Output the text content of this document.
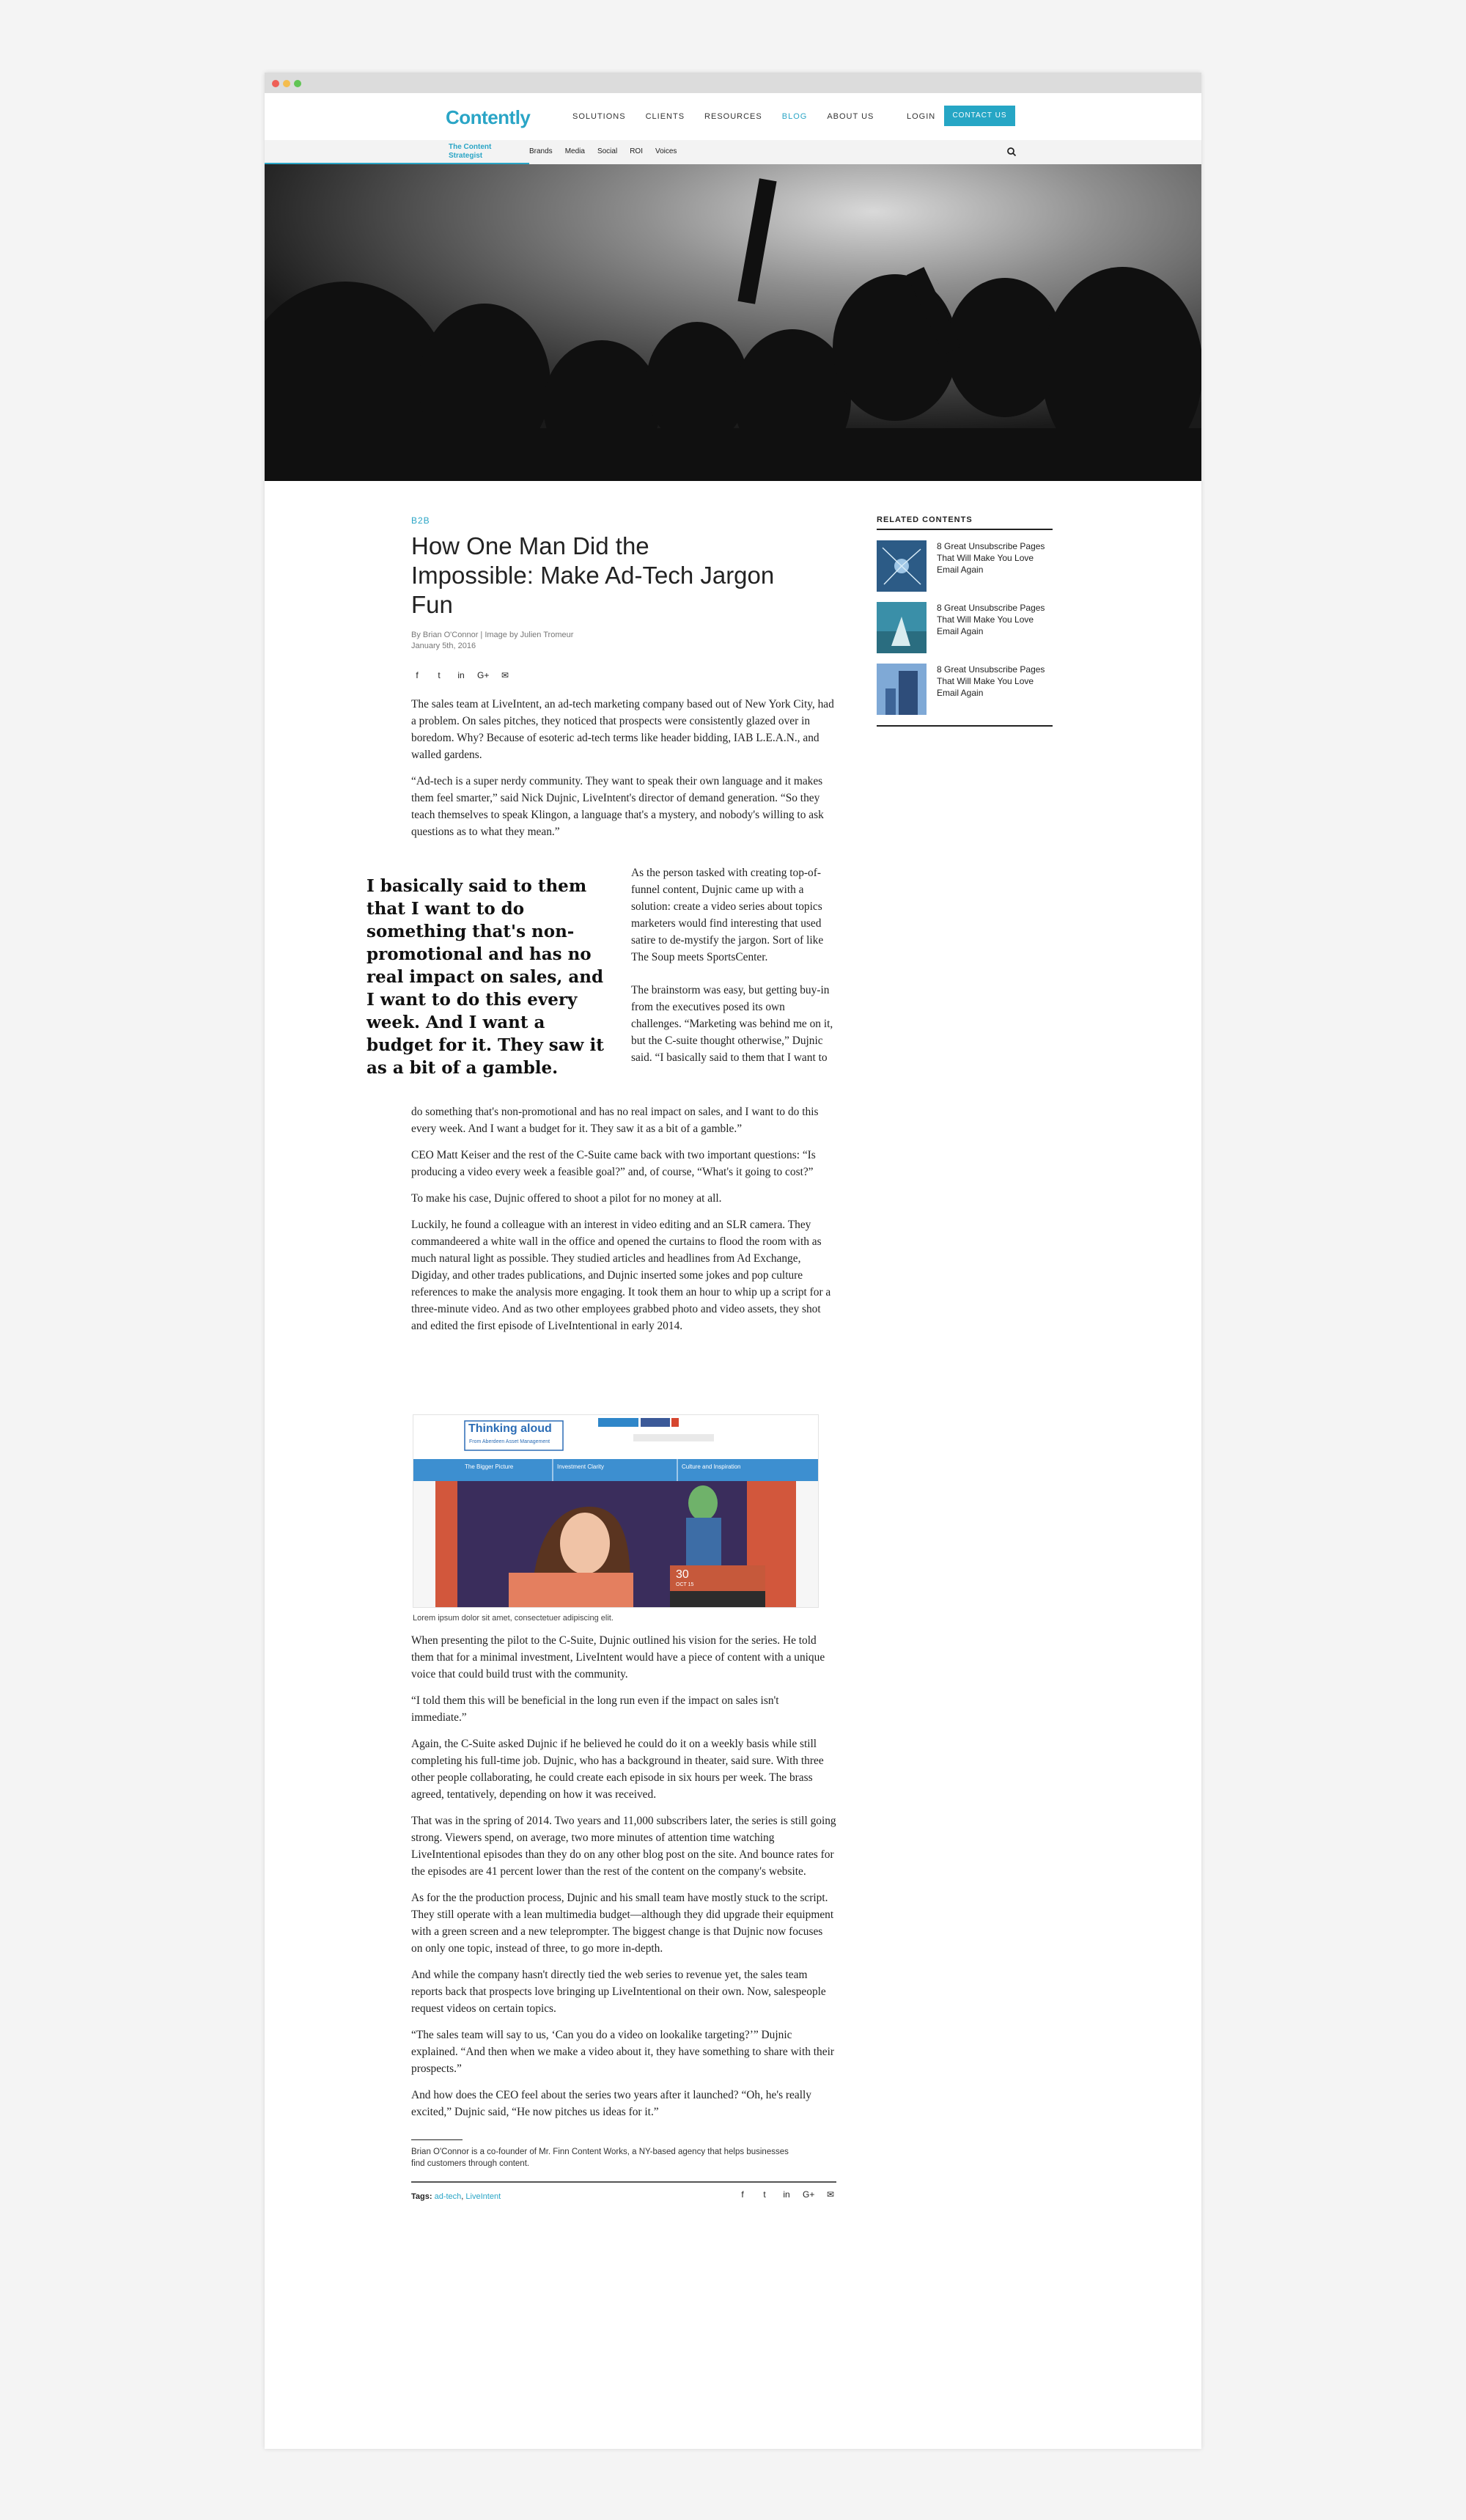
Contently	SOLUTIONS CLIENTS RESOURCES BLOG ABOUT US	LOGIN	CONTACT US
The Content Strategist
Brands Media Social ROI Voices
B2B
How One Man Did the Impossible: Make Ad-Tech Jargon Fun
By Brian O'Connor | Image by Julien Tromeur
January 5th, 2016
f	t	in G+ ✉

The sales team at LiveIntent, an ad-tech marketing company based out of New York City, had a problem. On sales pitches, they noticed that prospects were consistently glazed over in boredom. Why? Because of esoteric ad-tech terms like header bidding, IAB L.E.A.N., and walled gardens.

“Ad-tech is a super nerdy community. They want to speak their own language and it makes them feel smarter,” said Nick Dujnic, LiveIntent's director of demand generation. “So they teach themselves to speak Klingon, a language that's a mystery, and nobody's willing to ask questions as to what they mean.”

I basically said to them that I want to do something that's non-promotional and has no real impact on sales, and I want to do this every week. And I want a budget for it. They saw it as a bit of a gamble.

As the person tasked with creating top-of-funnel content, Dujnic came up with a solution: create a video series about topics marketers would find interesting that used satire to de-mystify the jargon. Sort of like The Soup meets SportsCenter.

The brainstorm was easy, but getting buy-in from the executives posed its own challenges. “Marketing was behind me on it, but the C-suite thought otherwise,” Dujnic said. “I basically said to them that I want to

do something that's non-promotional and has no real impact on sales, and I want to do this every week. And I want a budget for it. They saw it as a bit of a gamble.”

CEO Matt Keiser and the rest of the C-Suite came back with two important questions: “Is producing a video every week a feasible goal?” and, of course, “What's it going to cost?”

To make his case, Dujnic offered to shoot a pilot for no money at all.

Luckily, he found a colleague with an interest in video editing and an SLR camera. They commandeered a white wall in the office and opened the curtains to flood the room with as much natural light as possible. They studied articles and headlines from Ad Exchange, Digiday, and other trades publications, and Dujnic inserted some jokes and pop culture references to make the analysis more engaging. It took them an hour to whip up a script for a three-minute video. And as two other employees grabbed photo and video assets, they shot and edited the first episode of LiveIntentional in early 2014.

Thinking aloud
From Aberdeen Asset Management
The Bigger Picture	Investment Clarity	Culture and Inspiration
30
OCT 15
Lorem ipsum dolor sit amet, consectetuer adipiscing elit.

When presenting the pilot to the C-Suite, Dujnic outlined his vision for the series. He told them that for a minimal investment, LiveIntent would have a piece of content with a unique voice that could build trust with the community.

“I told them this will be beneficial in the long run even if the impact on sales isn't immediate.”

Again, the C-Suite asked Dujnic if he believed he could do it on a weekly basis while still completing his full-time job. Dujnic, who has a background in theater, said sure. With three other people collaborating, he could create each episode in six hours per week. The brass agreed, tentatively, depending on how it was received.

That was in the spring of 2014. Two years and 11,000 subscribers later, the series is still going strong. Viewers spend, on average, two more minutes of attention time watching LiveIntentional episodes than they do on any other blog post on the site. And bounce rates for the episodes are 41 percent lower than the rest of the content on the company's website.

As for the the production process, Dujnic and his small team have mostly stuck to the script. They still operate with a lean multimedia budget—although they did upgrade their equipment with a green screen and a new teleprompter. The biggest change is that Dujnic now focuses on only one topic, instead of three, to go more in-depth.

And while the company hasn't directly tied the web series to revenue yet, the sales team reports back that prospects love bringing up LiveIntentional on their own. Now, salespeople request videos on certain topics.

“The sales team will say to us, ‘Can you do a video on lookalike targeting?’” Dujnic explained. “And then when we make a video about it, they have something to share with their prospects.”

And how does the CEO feel about the series two years after it launched? “Oh, he's really excited,” Dujnic said, “He now pitches us ideas for it.”

Brian O'Connor is a co-founder of Mr. Finn Content Works, a NY-based agency that helps businesses find customers through content.
Tags: ad-tech, LiveIntent	f	t	in G+ ✉
RELATED CONTENTS
8 Great Unsubscribe Pages That Will Make You Love Email Again
8 Great Unsubscribe Pages That Will Make You Love Email Again
8 Great Unsubscribe Pages That Will Make You Love Email Again
